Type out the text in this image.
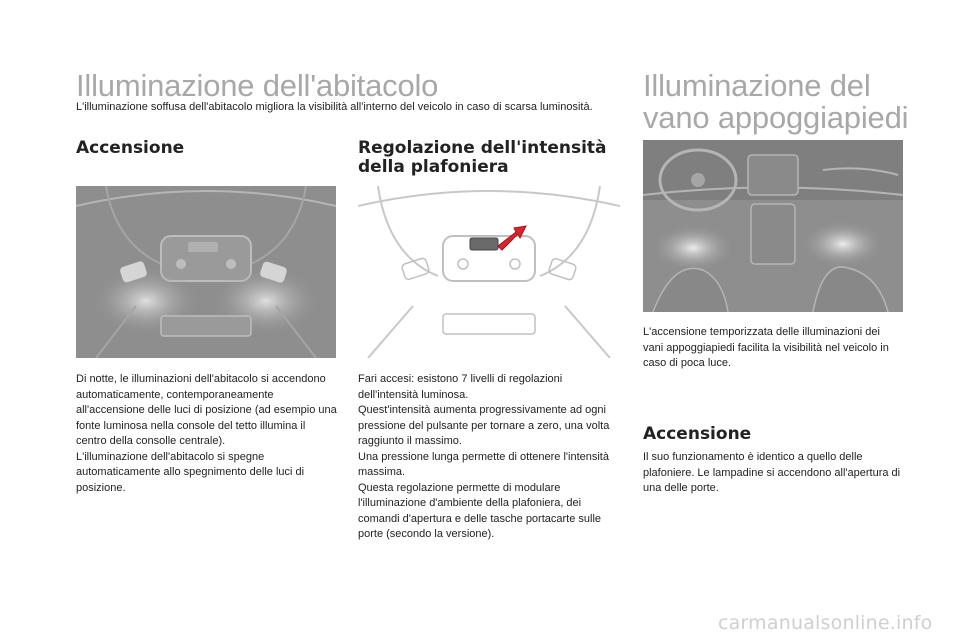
Illuminazione dell'abitacolo
L'illuminazione soffusa dell'abitacolo migliora la visibilità all'interno del veicolo in caso di scarsa luminosità.
Accensione
Di notte, le illuminazioni dell'abitacolo si accendono automaticamente, contemporaneamente all'accensione delle luci di posizione (ad esempio una fonte luminosa nella console del tetto illumina il centro della consolle centrale).
L'illuminazione dell'abitacolo si spegne automaticamente allo spegnimento delle luci di posizione.
Regolazione dell'intensità
della plafoniera
Fari accesi: esistono 7 livelli di regolazioni dell'intensità luminosa.
Quest'intensità aumenta progressivamente ad ogni pressione del pulsante per tornare a zero, una volta raggiunto il massimo.
Una pressione lunga permette di ottenere l'intensità massima.
Questa regolazione permette di modulare l'illuminazione d'ambiente della plafoniera, dei comandi d'apertura e delle tasche portacarte sulle porte (secondo la versione).
Illuminazione del
vano appoggiapiedi
L'accensione temporizzata delle illuminazioni dei vani appoggiapiedi facilita la visibilità nel veicolo in caso di poca luce.
Accensione
Il suo funzionamento è identico a quello delle plafoniere. Le lampadine si accendono all'apertura di una delle porte.
carmanualsonline.info
